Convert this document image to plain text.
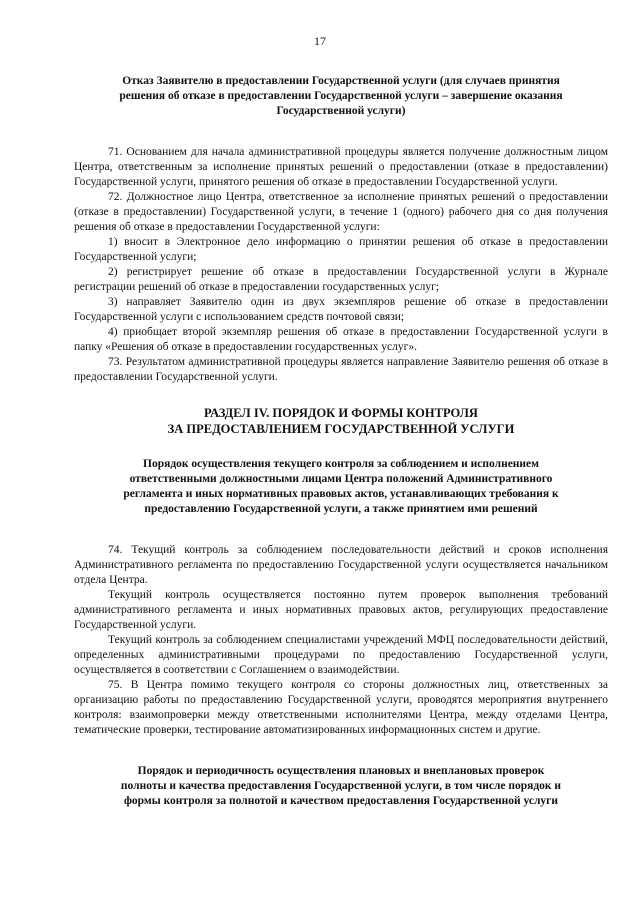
17
Отказ Заявителю в предоставлении Государственной услуги (для случаев принятия
решения об отказе в предоставлении Государственной услуги – завершение оказания
Государственной услуги)

71. Основанием для начала административной процедуры является получение должностным лицом Центра, ответственным за исполнение принятых решений о предоставлении (отказе в предоставлении) Государственной услуги, принятого решения об отказе в предоставлении Государственной услуги.

72. Должностное лицо Центра, ответственное за исполнение принятых решений о предоставлении (отказе в предоставлении) Государственной услуги, в течение 1 (одного) рабочего дня со дня получения решения об отказе в предоставлении Государственной услуги:

1) вносит в Электронное дело информацию о принятии решения об отказе в предоставлении Государственной услуги;

2) регистрирует решение об отказе в предоставлении Государственной услуги в Журнале регистрации решений об отказе в предоставлении государственных услуг;

3) направляет Заявителю один из двух экземпляров решение об отказе в предоставлении Государственной услуги с использованием средств почтовой связи;

4) приобщает второй экземпляр решения об отказе в предоставлении Государственной услуги в папку «Решения об отказе в предоставлении государственных услуг».

73. Результатом административной процедуры является направление Заявителю решения об отказе в предоставлении Государственной услуги.

РАЗДЕЛ IV. ПОРЯДОК И ФОРМЫ КОНТРОЛЯ
ЗА ПРЕДОСТАВЛЕНИЕМ ГОСУДАРСТВЕННОЙ УСЛУГИ
Порядок осуществления текущего контроля за соблюдением и исполнением
ответственными должностными лицами Центра положений Административного
регламента и иных нормативных правовых актов, устанавливающих требования к
предоставлению Государственной услуги, а также принятием ими решений

74. Текущий контроль за соблюдением последовательности действий и сроков исполнения Административного регламента по предоставлению Государственной услуги осуществляется начальником отдела Центра.

Текущий контроль осуществляется постоянно путем проверок выполнения требований административного регламента и иных нормативных правовых актов, регулирующих предоставление Государственной услуги.

Текущий контроль за соблюдением специалистами учреждений МФЦ последовательности действий, определенных административными процедурами по предоставлению Государственной услуги, осуществляется в соответствии с Соглашением о взаимодействии.

75. В Центра помимо текущего контроля со стороны должностных лиц, ответственных за организацию работы по предоставлению Государственной услуги, проводятся мероприятия внутреннего контроля: взаимопроверки между ответственными исполнителями Центра, между отделами Центра, тематические проверки, тестирование автоматизированных информационных систем и другие.

Порядок и периодичность осуществления плановых и внеплановых проверок
полноты и качества предоставления Государственной услуги, в том числе порядок и
формы контроля за полнотой и качеством предоставления Государственной услуги
